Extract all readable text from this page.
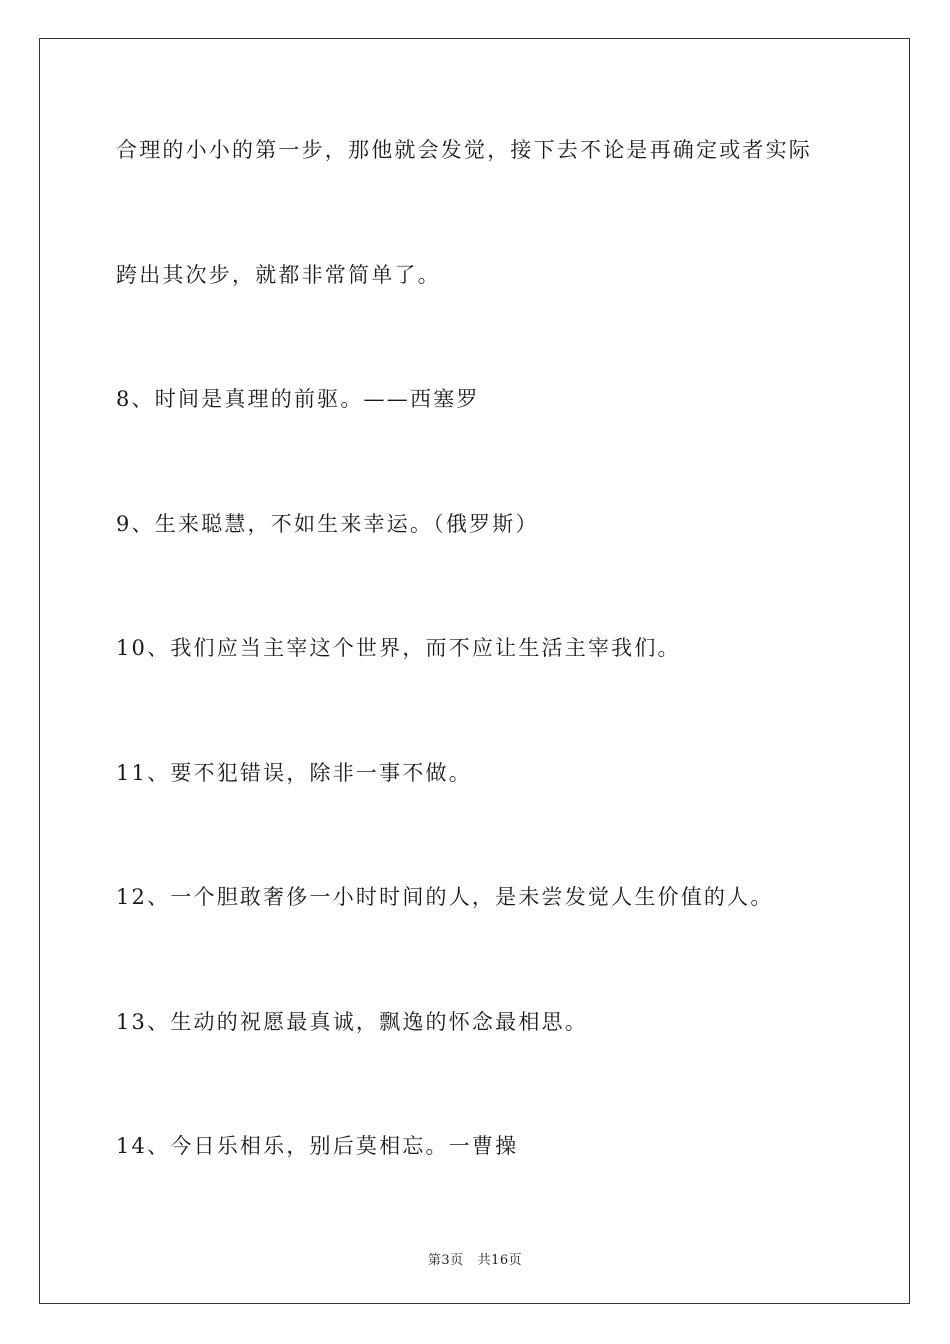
合理的小小的第一步，那他就会发觉，接下去不论是再确定或者实际
跨出其次步，就都非常简单了。
8、时间是真理的前驱。——西塞罗
9、生来聪慧，不如生来幸运。（俄罗斯）
10、我们应当主宰这个世界，而不应让生活主宰我们。
11、要不犯错误，除非一事不做。
12、一个胆敢奢侈一小时时间的人，是未尝发觉人生价值的人。
13、生动的祝愿最真诚，飘逸的怀念最相思。
14、今日乐相乐，别后莫相忘。一曹操
第3页 共16页
